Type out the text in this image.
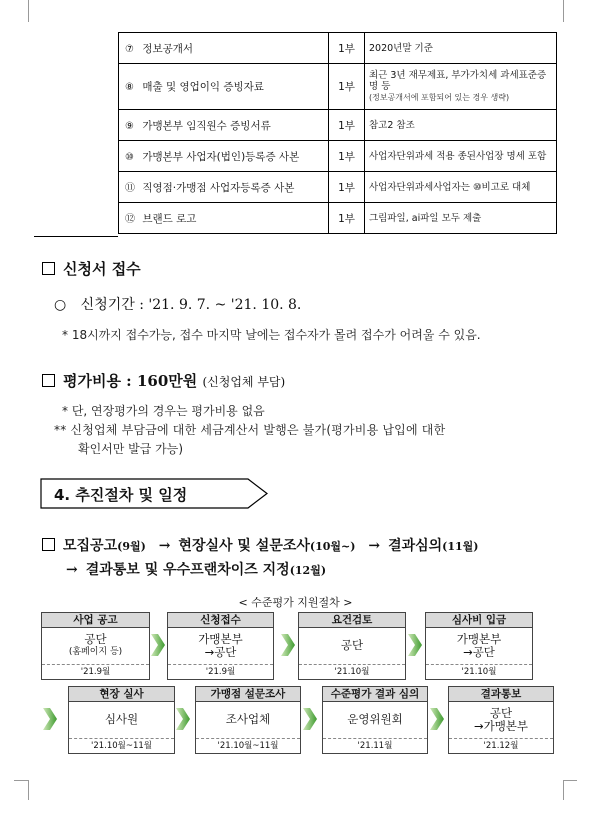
⑦ 정보공개서	1부	2020년말 기준
⑧ 매출 및 영업이익 증빙자료	1부	최근 3년 재무제표, 부가가치세 과세표준증명 등
(정보공개서에 포함되어 있는 경우 생략)

⑨ 가맹본부 임직원수 증빙서류	1부	참고2 참조
⑩ 가맹본부 사업자(법인)등록증 사본	1부	사업자단위과세 적용 종된사업장 명세 포함
⑪ 직영점·가맹점 사업자등록증 사본	1부	사업자단위과세사업자는 ⑩비고로 대체
⑫ 브랜드 로고	1부	그림파일, ai파일 모두 제출
신청서 접수
○ 신청기간 : '21. 9. 7. ~ '21. 10. 8.
* 18시까지 접수가능, 접수 마지막 날에는 접수자가 몰려 접수가 어려울 수 있음.
평가비용 : 160만원 (신청업체 부담)
* 단, 연장평가의 경우는 평가비용 없음
** 신청업체 부담금에 대한 세금계산서 발행은 불가(평가비용 납입에 대한
확인서만 발급 가능)
4. 추진절차 및 일정
모집공고(9월) → 현장실사 및 설문조사(10월~) → 결과심의(11월)
→ 결과통보 및 우수프랜차이즈 지정(12월)
< 수준평가 지원절차 >
사업 공고
공단
(홈페이지 등)
'21.9월
신청접수
가맹본부
→공단
'21.9월
요건검토
공단
'21.10월
심사비 입금
가맹본부
→공단
'21.10월
현장 실사
심사원
'21.10월~11월
가맹점 설문조사
조사업체
'21.10월~11월
수준평가 결과 심의
운영위원회
'21.11월
결과통보
공단
→가맹본부
'21.12월
